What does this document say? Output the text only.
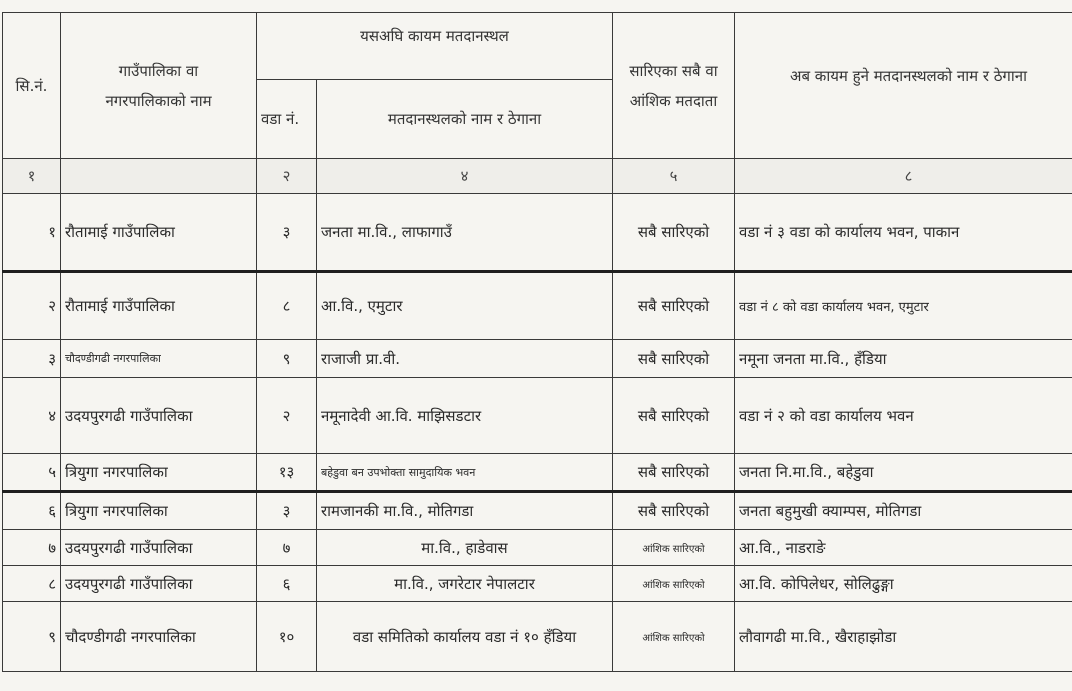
सि.नं.	गाउँपालिका वा नगरपालिकाको नाम	यसअघि कायम मतदानस्थल		सारिएका सबै वा आंशिक मतदाता	अब कायम हुने मतदानस्थलको नाम र ठेगाना
		वडा नं.	मतदानस्थलको नाम र ठेगाना		
१		२	४	५	८
१	रौतामाई गाउँपालिका	३	जनता मा.वि., लाफागाउँ	सबै सारिएको	वडा नं ३ वडा को कार्यालय भवन, पाकान
२	रौतामाई गाउँपालिका	८	आ.वि., एमुटार	सबै सारिएको	वडा नं ८ को वडा कार्यालय भवन, एमुटार
३	चौदण्डीगढी नगरपालिका	९	राजाजी प्रा.वी.	सबै सारिएको	नमूना जनता मा.वि., हँडिया
४	उदयपुरगढी गाउँपालिका	२	नमूनादेवी आ.वि. माझिसडटार	सबै सारिएको	वडा नं २ को वडा कार्यालय भवन
५	त्रियुगा नगरपालिका	१३	बहेडुवा बन उपभोक्ता सामुदायिक भवन	सबै सारिएको	जनता नि.मा.वि., बहेडुवा
६	त्रियुगा नगरपालिका	३	रामजानकी मा.वि., मोतिगडा	सबै सारिएको	जनता बहुमुखी क्याम्पस, मोतिगडा
७	उदयपुरगढी गाउँपालिका	७	मा.वि., हाडेवास	आंशिक सारिएको	आ.वि., नाडराङे
८	उदयपुरगढी गाउँपालिका	६	मा.वि., जगरेटार नेपालटार	आंशिक सारिएको	आ.वि. कोपिलेधर, सोलिढुङ्गा
९	चौदण्डीगढी नगरपालिका	१०	वडा समितिको कार्यालय वडा नं १० हँडिया	आंशिक सारिएको	लौवागढी मा.वि., खैराहाझोडा
